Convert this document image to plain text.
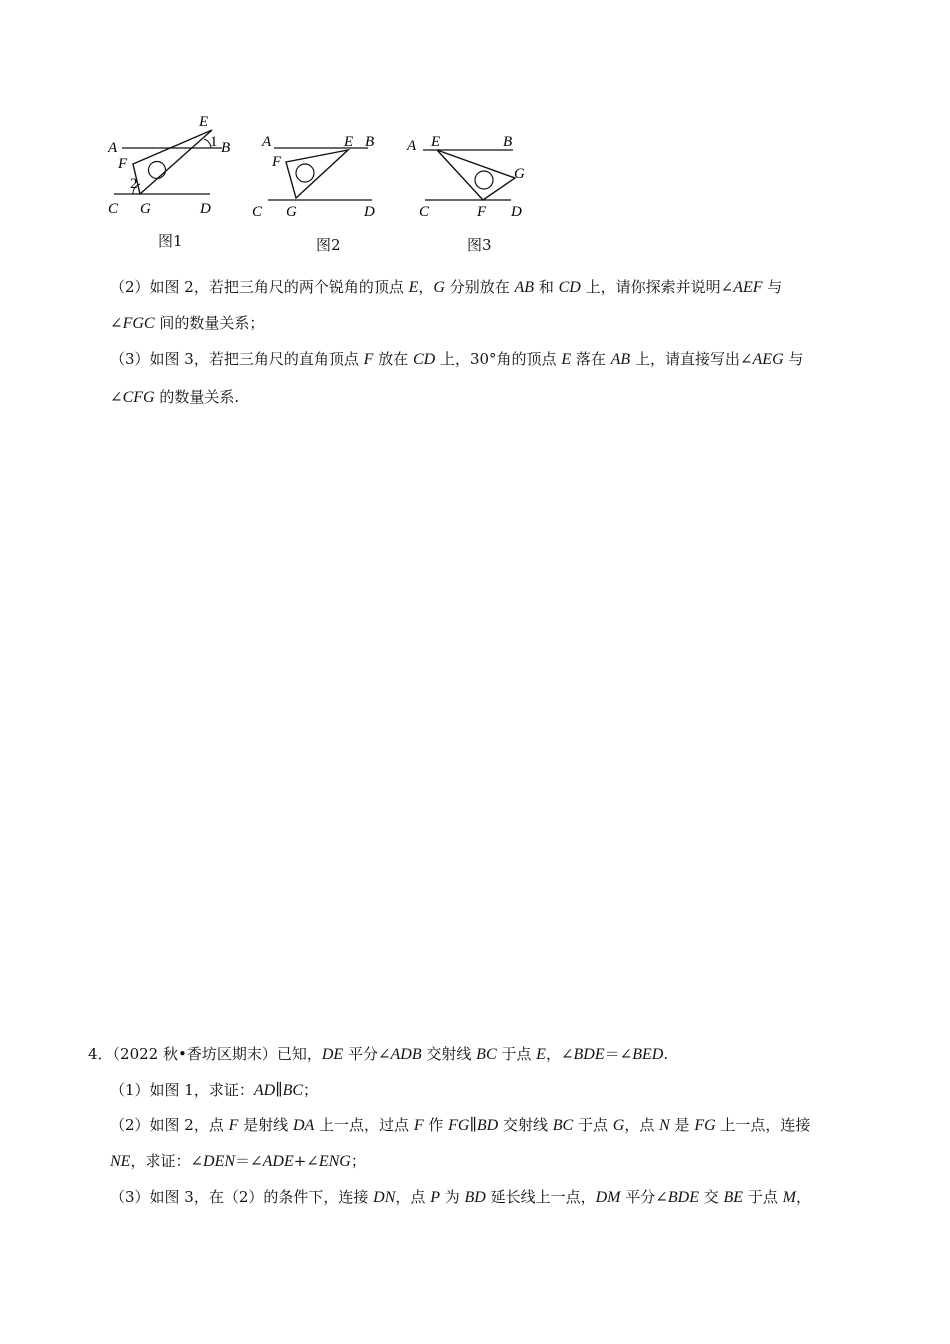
A	B
C	D
E
F
G
1
2
图1
A	B
C	D
E
F
G
图2
A	B
C	D
E
F
G
图3
（2）如图 2，若把三角尺的两个锐角的顶点 E，G 分别放在 AB 和 CD 上，请你探索并说明∠AEF 与
∠FGC 间的数量关系；
（3）如图 3，若把三角尺的直角顶点 F 放在 CD 上，30°角的顶点 E 落在 AB 上，请直接写出∠AEG 与
∠CFG 的数量关系.
4．（2022 秋•香坊区期末）已知，DE 平分∠ADB 交射线 BC 于点 E，∠BDE＝∠BED.
（1）如图 1，求证：AD∥BC；
（2）如图 2，点 F 是射线 DA 上一点，过点 F 作 FG∥BD 交射线 BC 于点 G，点 N 是 FG 上一点，连接
NE，求证：∠DEN＝∠ADE+∠ENG；
（3）如图 3，在（2）的条件下，连接 DN，点 P 为 BD 延长线上一点，DM 平分∠BDE 交 BE 于点 M，
